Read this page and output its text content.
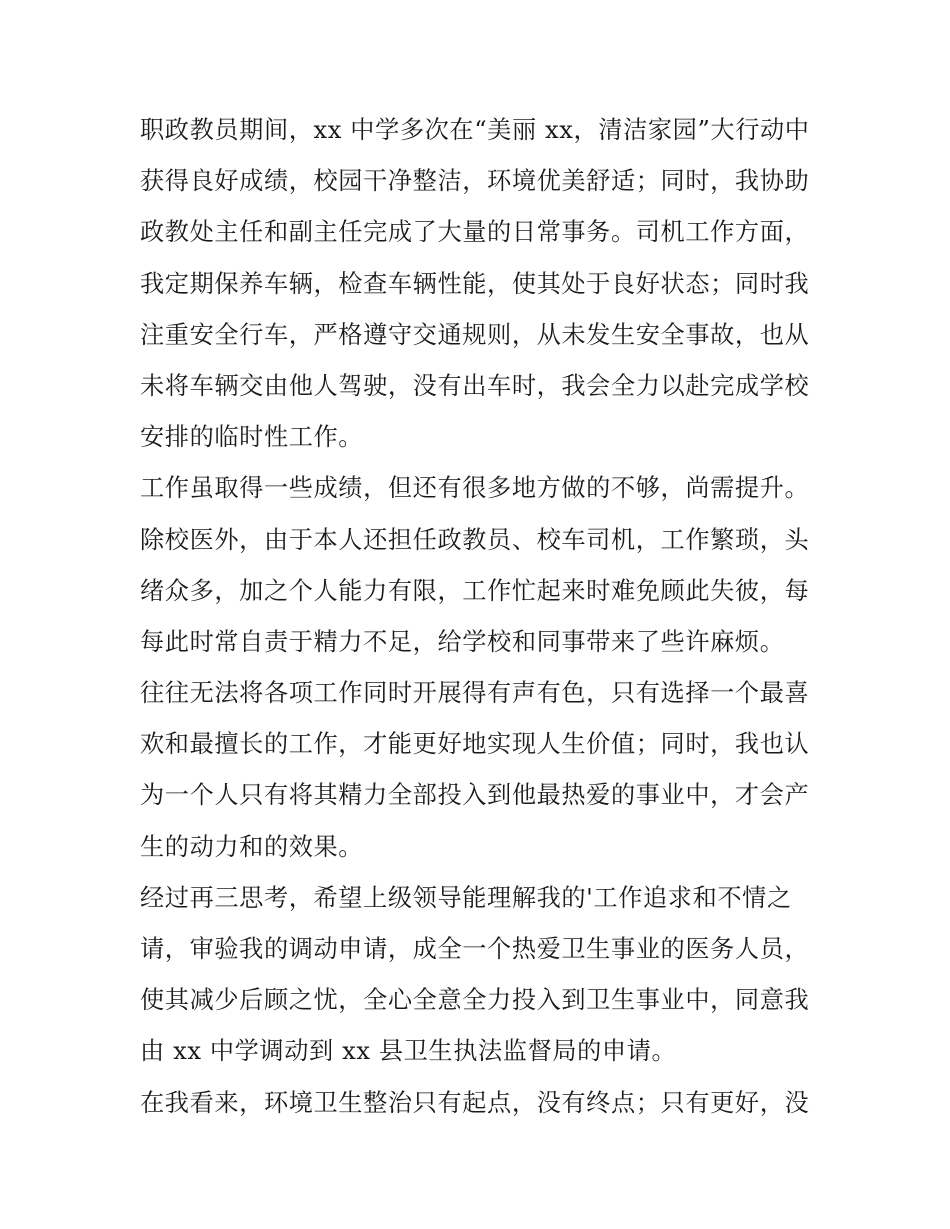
职政教员期间，xx 中学多次在“美丽 xx，清洁家园”大行动中
获得良好成绩，校园干净整洁，环境优美舒适；同时，我协助
政教处主任和副主任完成了大量的日常事务。司机工作方面，
我定期保养车辆，检查车辆性能，使其处于良好状态；同时我
注重安全行车，严格遵守交通规则，从未发生安全事故，也从
未将车辆交由他人驾驶，没有出车时，我会全力以赴完成学校
安排的临时性工作。
工作虽取得一些成绩，但还有很多地方做的不够，尚需提升。
除校医外，由于本人还担任政教员、校车司机，工作繁琐，头
绪众多，加之个人能力有限，工作忙起来时难免顾此失彼，每
每此时常自责于精力不足，给学校和同事带来了些许麻烦。
往往无法将各项工作同时开展得有声有色，只有选择一个最喜
欢和最擅长的工作，才能更好地实现人生价值；同时，我也认
为一个人只有将其精力全部投入到他最热爱的事业中，才会产
生的动力和的效果。
经过再三思考，希望上级领导能理解我的'工作追求和不情之
请，审验我的调动申请，成全一个热爱卫生事业的医务人员，
使其减少后顾之忧，全心全意全力投入到卫生事业中，同意我
由 xx 中学调动到 xx 县卫生执法监督局的申请。
在我看来，环境卫生整治只有起点，没有终点；只有更好，没
